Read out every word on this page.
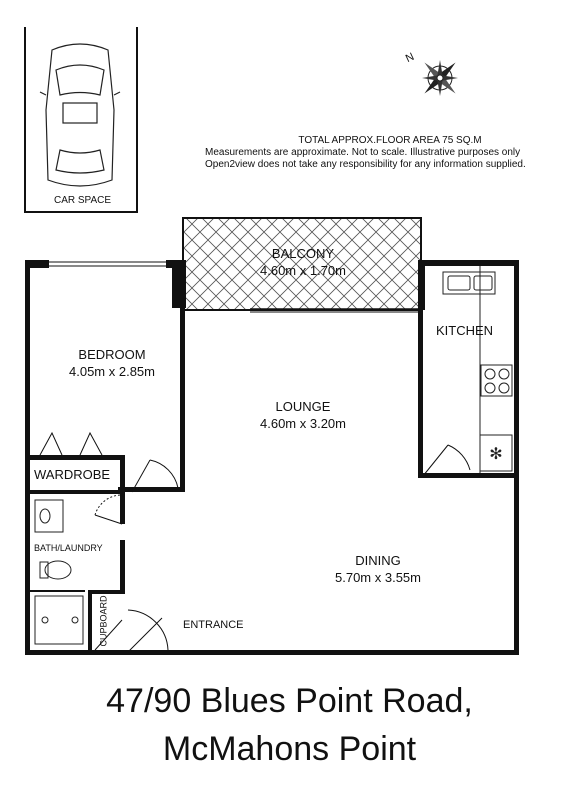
✻
TOTAL APPROX.FLOOR AREA 75 SQ.M
Measurements are approximate. Not to scale. Illustrative purposes only
Open2view does not take any responsibility for any information supplied.
N
CAR SPACE
BALCONY
4.60m x 1.70m
KITCHEN
BEDROOM
4.05m x 2.85m
LOUNGE
4.60m x 3.20m
WARDROBE
BATH/LAUNDRY
DINING
5.70m x 3.55m
CUPBOARD	ENTRANCE
47/90 Blues Point Road,
McMahons Point
